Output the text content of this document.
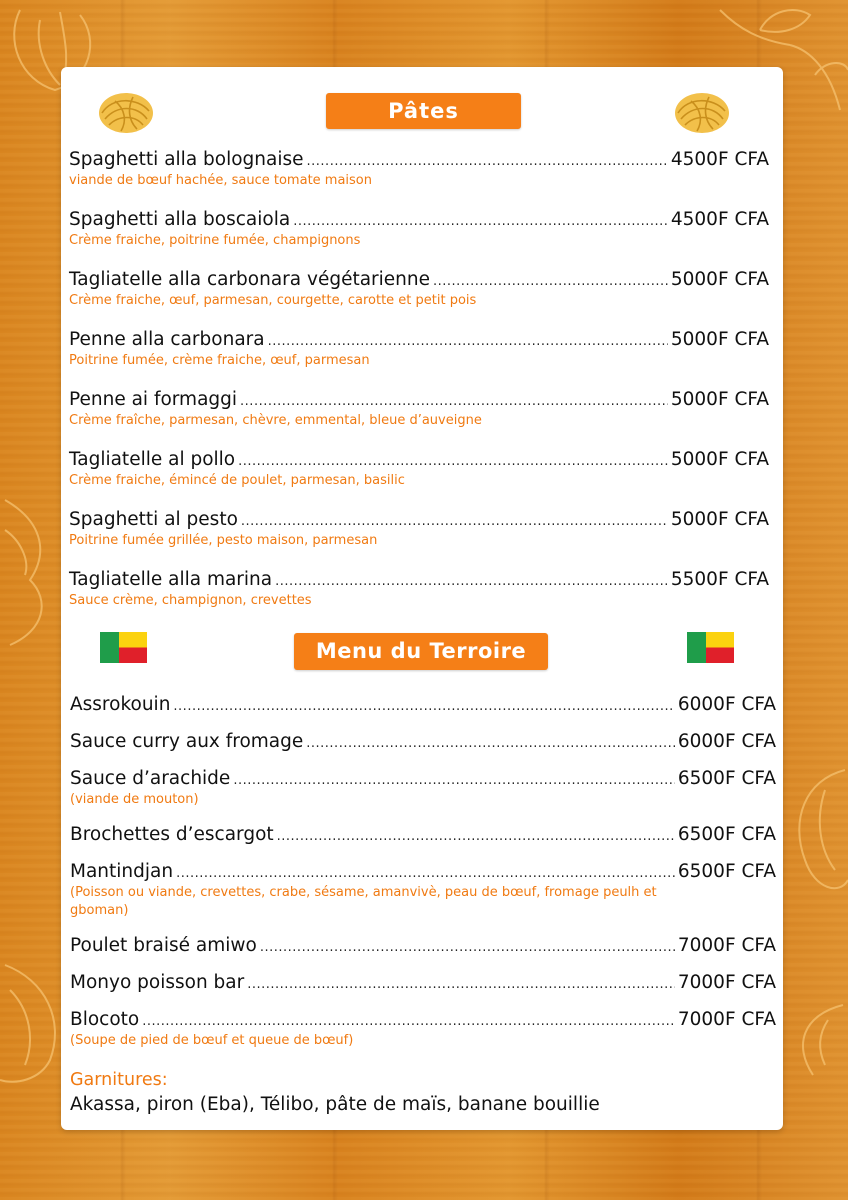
Pâtes
Spaghetti alla bolognaise .....	4500F CFA
viande de bœuf hachée, sauce tomate maison
Spaghetti alla boscaiola .....	4500F CFA
Crème fraiche, poitrine fumée, champignons
Tagliatelle alla carbonara végétarienne .....	5000F CFA
Crème fraiche, œuf, parmesan, courgette, carotte et petit pois
Penne alla carbonara .....	5000F CFA
Poitrine fumée, crème fraiche, œuf, parmesan
Penne ai formaggi .....	5000F CFA
Crème fraîche, parmesan, chèvre, emmental, bleue d’auveigne
Tagliatelle al pollo .....	5000F CFA
Crème fraiche, émincé de poulet, parmesan, basilic
Spaghetti al pesto .....	5000F CFA
Poitrine fumée grillée, pesto maison, parmesan
Tagliatelle alla marina .....	5500F CFA
Sauce crème, champignon, crevettes
Menu du Terroire
Assrokouin .....	6000F CFA
Sauce curry aux fromage .....	6000F CFA
Sauce d’arachide .....	6500F CFA
(viande de mouton)
Brochettes d’escargot .....	6500F CFA
Mantindjan .....	6500F CFA
(Poisson ou viande, crevettes, crabe, sésame, amanvivè, peau de bœuf, fromage peulh et gboman)
Poulet braisé amiwo .....	7000F CFA
Monyo poisson bar .....	7000F CFA
Blocoto .....	7000F CFA
(Soupe de pied de bœuf et queue de bœuf)
Garnitures:
Akassa, piron (Eba), Télibo, pâte de maïs, banane bouillie
